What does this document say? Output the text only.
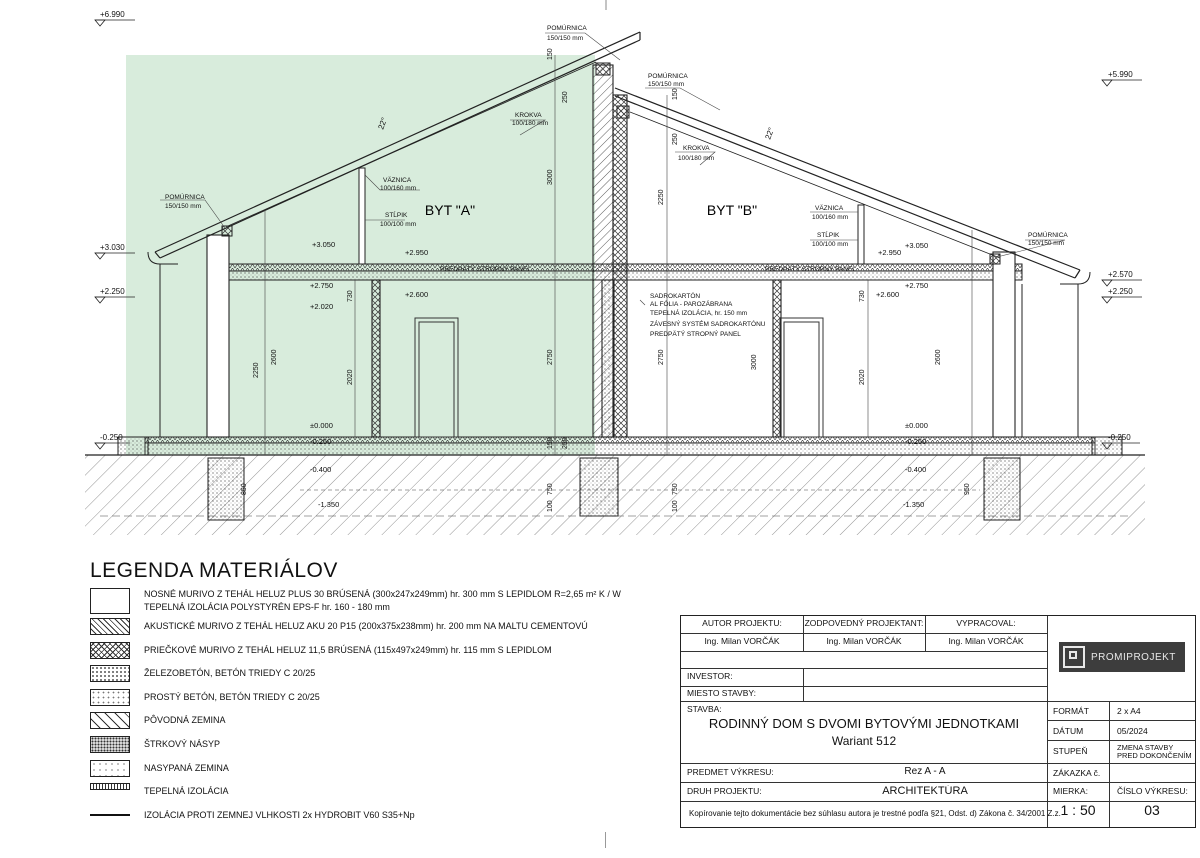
BYT "A"	BYT "B"
+6.990
+5.990
+3.030
+2.250
+2.570
+2.250
-0.250	-0.250
+3.050
+2.950
+2.750
+2.600
+2.020
±0.000
-0.250
-0.400
-1.350
+3.050
+2.950
+2.750
+2.600
±0.000
-0.250
-0.400
-1.350
POMÚRNICA
150/150 mm
POMÚRNICA
150/150 mm
POMÚRNICA
150/150 mm
POMÚRNICA
150/150 mm
KROKVA
100/180 mm
KROKVA
100/180 mm
VÄZNICA
100/160 mm
STĹPIK
100/100 mm
VÄZNICA
100/160 mm
STĹPIK
100/100 mm
PREDPÄTÝ STROPNÝ PANEL	PREDPÄTÝ STROPNÝ PANEL
22°
22°
SADROKARTÓN
AL FÓLIA - PAROZÁBRANA
TEPELNÁ IZOLÁCIA, hr. 150 mm
ZÁVESNÝ SYSTÉM SADROKARTÓNU
PREDPÄTÝ STROPNÝ PANEL
150
250
3000
2750
250
150
750
100
2600
2250	2020
730
150
250
2250
2750	3000	2600
2020
730
750
100
950
850
LEGENDA MATERIÁLOV
NOSNÉ MURIVO Z TEHÁL HELUZ PLUS 30 BRÚSENÁ (300x247x249mm) hr. 300 mm S LEPIDLOM R=2,65 m² K / W
TEPELNÁ IZOLÁCIA POLYSTYRÉN EPS-F hr. 160 - 180 mm
AKUSTICKÉ MURIVO Z TEHÁL HELUZ AKU 20 P15 (200x375x238mm) hr. 200 mm NA MALTU CEMENTOVÚ
PRIEČKOVÉ MURIVO Z TEHÁL HELUZ 11,5 BRÚSENÁ (115x497x249mm) hr. 115 mm S LEPIDLOM
ŽELEZOBETÓN, BETÓN TRIEDY C 20/25
PROSTÝ BETÓN, BETÓN TRIEDY C 20/25
PÔVODNÁ ZEMINA
ŠTRKOVÝ NÁSYP
NASYPANÁ ZEMINA
TEPELNÁ IZOLÁCIA
IZOLÁCIA PROTI ZEMNEJ VLHKOSTI 2x HYDROBIT V60 S35+Np
AUTOR PROJEKTU:	ZODPOVEDNÝ PROJEKTANT:	VYPRACOVAL:
Ing. Milan VORČÁK	Ing. Milan VORČÁK	Ing. Milan VORČÁK
PROMIPROJEKT
INVESTOR:
MIESTO STAVBY:
STAVBA:
RODINNÝ DOM S DVOMI BYTOVÝMI JEDNOTKAMI
Wariant 512
PREDMET VÝKRESU:	Rez A - A
DRUH PROJEKTU:	ARCHITEKTÚRA
Kopírovanie tejto dokumentácie bez súhlasu autora je trestné podľa §21, Odst. d) Zákona č. 34/2001 Z.z.
FORMÁT	2 x A4
DÁTUM	05/2024
STUPEŇ	ZMENA STAVBY
PRED DOKONČENÍM
ZÁKAZKA č.
MIERKA:
1 : 50
ČÍSLO VÝKRESU:
03
